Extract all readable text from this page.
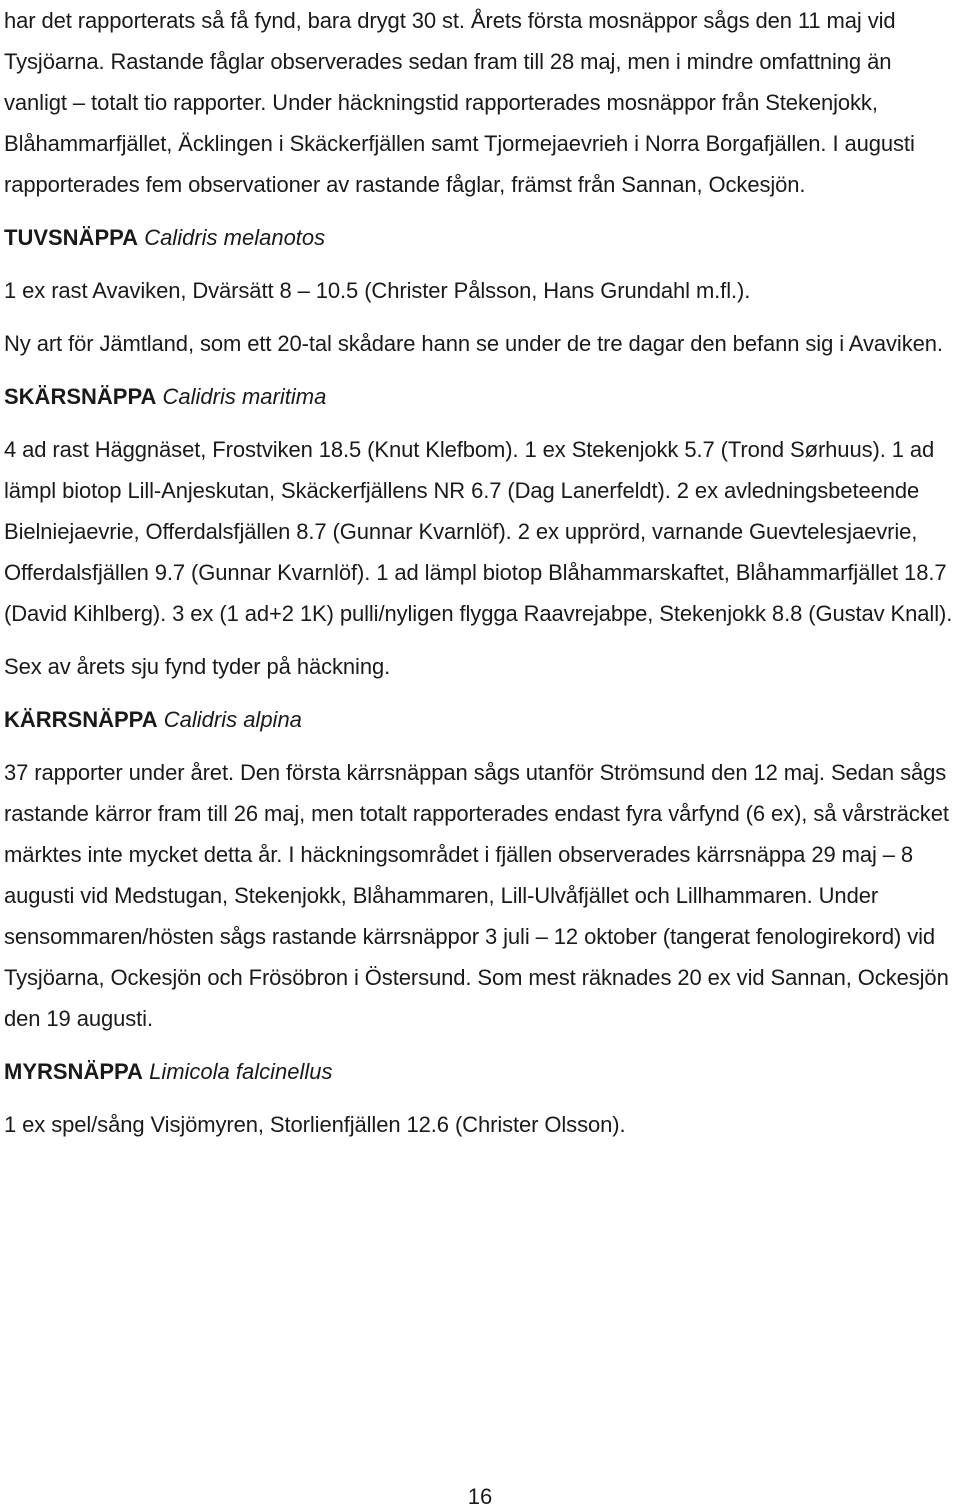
har det rapporterats så få fynd, bara drygt 30 st. Årets första mosnäppor sågs den 11 maj vid Tysjöarna. Rastande fåglar observerades sedan fram till 28 maj, men i mindre omfattning än vanligt – totalt tio rapporter. Under häckningstid rapporterades mosnäppor från Stekenjokk, Blåhammarfjället, Äcklingen i Skäckerfjällen samt Tjormejaevrieh i Norra Borgafjällen. I augusti rapporterades fem observationer av rastande fåglar, främst från Sannan, Ockesjön.

TUVSNÄPPA Calidris melanotos

1 ex rast Avaviken, Dvärsätt 8 – 10.5 (Christer Pålsson, Hans Grundahl m.fl.).

Ny art för Jämtland, som ett 20-tal skådare hann se under de tre dagar den befann sig i Avaviken.

SKÄRSNÄPPA Calidris maritima

4 ad rast Häggnäset, Frostviken 18.5 (Knut Klefbom). 1 ex Stekenjokk 5.7 (Trond Sørhuus). 1 ad lämpl biotop Lill-Anjeskutan, Skäckerfjällens NR 6.7 (Dag Lanerfeldt). 2 ex avledningsbeteende Bielniejaevrie, Offerdalsfjällen 8.7 (Gunnar Kvarnlöf). 2 ex upprörd, varnande Guevtelesjaevrie, Offerdalsfjällen 9.7 (Gunnar Kvarnlöf). 1 ad lämpl biotop Blåhammarskaftet, Blåhammarfjället 18.7 (David Kihlberg). 3 ex (1 ad+2 1K) pulli/nyligen flygga Raavrejabpe, Stekenjokk 8.8 (Gustav Knall).

Sex av årets sju fynd tyder på häckning.

KÄRRSNÄPPA Calidris alpina

37 rapporter under året. Den första kärrsnäppan sågs utanför Strömsund den 12 maj. Sedan sågs rastande kärror fram till 26 maj, men totalt rapporterades endast fyra vårfynd (6 ex), så vårsträcket märktes inte mycket detta år. I häckningsområdet i fjällen observerades kärrsnäppa 29 maj – 8 augusti vid Medstugan, Stekenjokk, Blåhammaren, Lill-Ulvåfjället och Lillhammaren. Under sensommaren/hösten sågs rastande kärrsnäppor 3 juli – 12 oktober (tangerat fenologirekord) vid Tysjöarna, Ockesjön och Frösöbron i Östersund. Som mest räknades 20 ex vid Sannan, Ockesjön den 19 augusti.

MYRSNÄPPA Limicola falcinellus

1 ex spel/sång Visjömyren, Storlienfjällen 12.6 (Christer Olsson).

16
